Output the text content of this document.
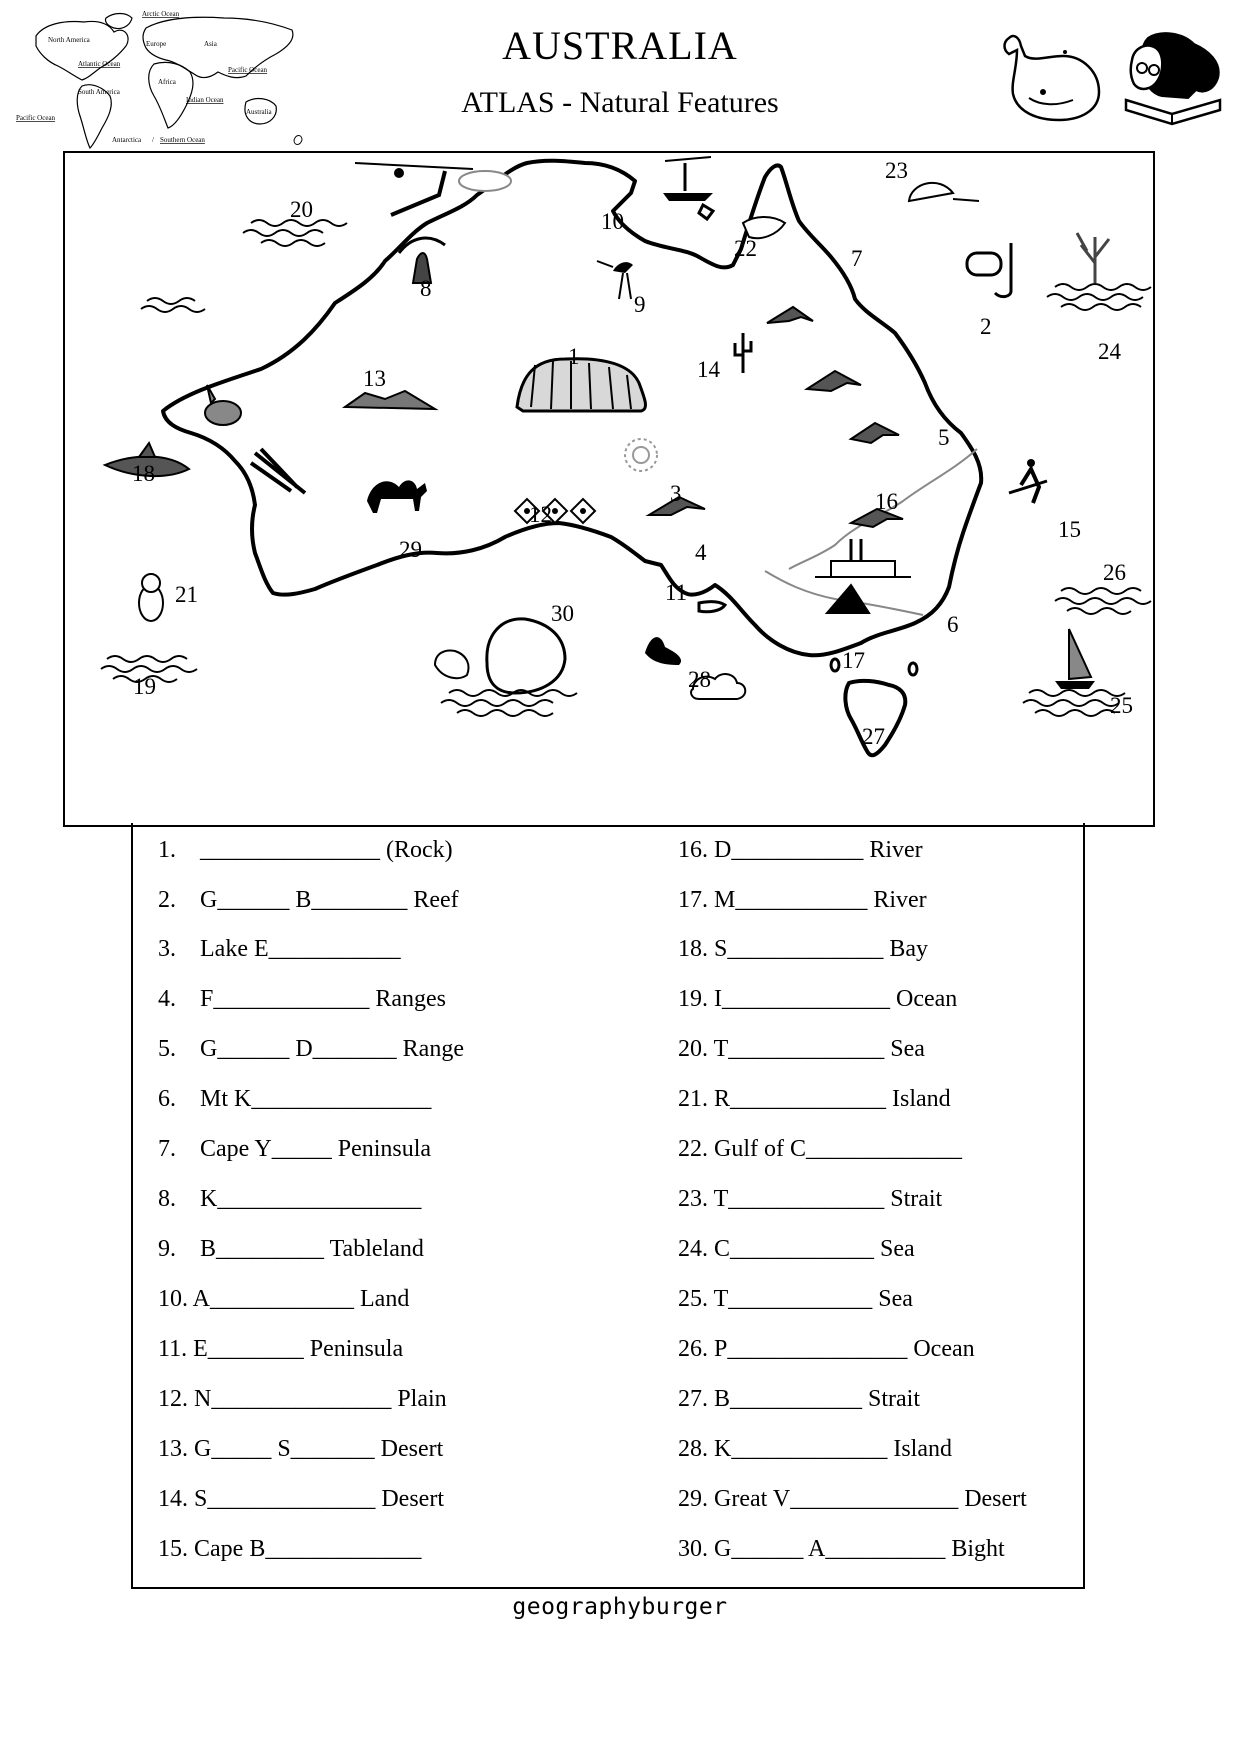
Arctic Ocean
North America	Europe	Asia
Atlantic Ocean
Pacific Ocean
Africa
South America
Indian Ocean
Australia
Pacific Ocean
Antarctica / Southern Ocean
AUSTRALIA
ATLAS - Natural Features
1
2
3
4
5
6
7
8
9
10
11
12
13	14
15
16
17
18
19
20
21
22
23
24
25
26
27
28
29
30
1.    _______________ (Rock)
2.    G______ B________ Reef
3.    Lake E___________
4.    F_____________ Ranges
5.    G______ D_______ Range
6.    Mt K_______________
7.    Cape Y_____ Peninsula
8.    K_________________
9.    B_________ Tableland
10. A____________ Land
11. E________ Peninsula
12. N_______________ Plain
13. G_____ S_______ Desert
14. S______________ Desert
15. Cape B_____________
16. D___________ River
17. M___________ River
18. S_____________ Bay
19. I______________ Ocean
20. T_____________ Sea
21. R_____________ Island
22. Gulf of C_____________
23. T_____________ Strait
24. C____________ Sea
25. T____________ Sea
26. P_______________ Ocean
27. B___________ Strait
28. K_____________ Island
29. Great V______________ Desert
30. G______ A__________ Bight
geographyburger
